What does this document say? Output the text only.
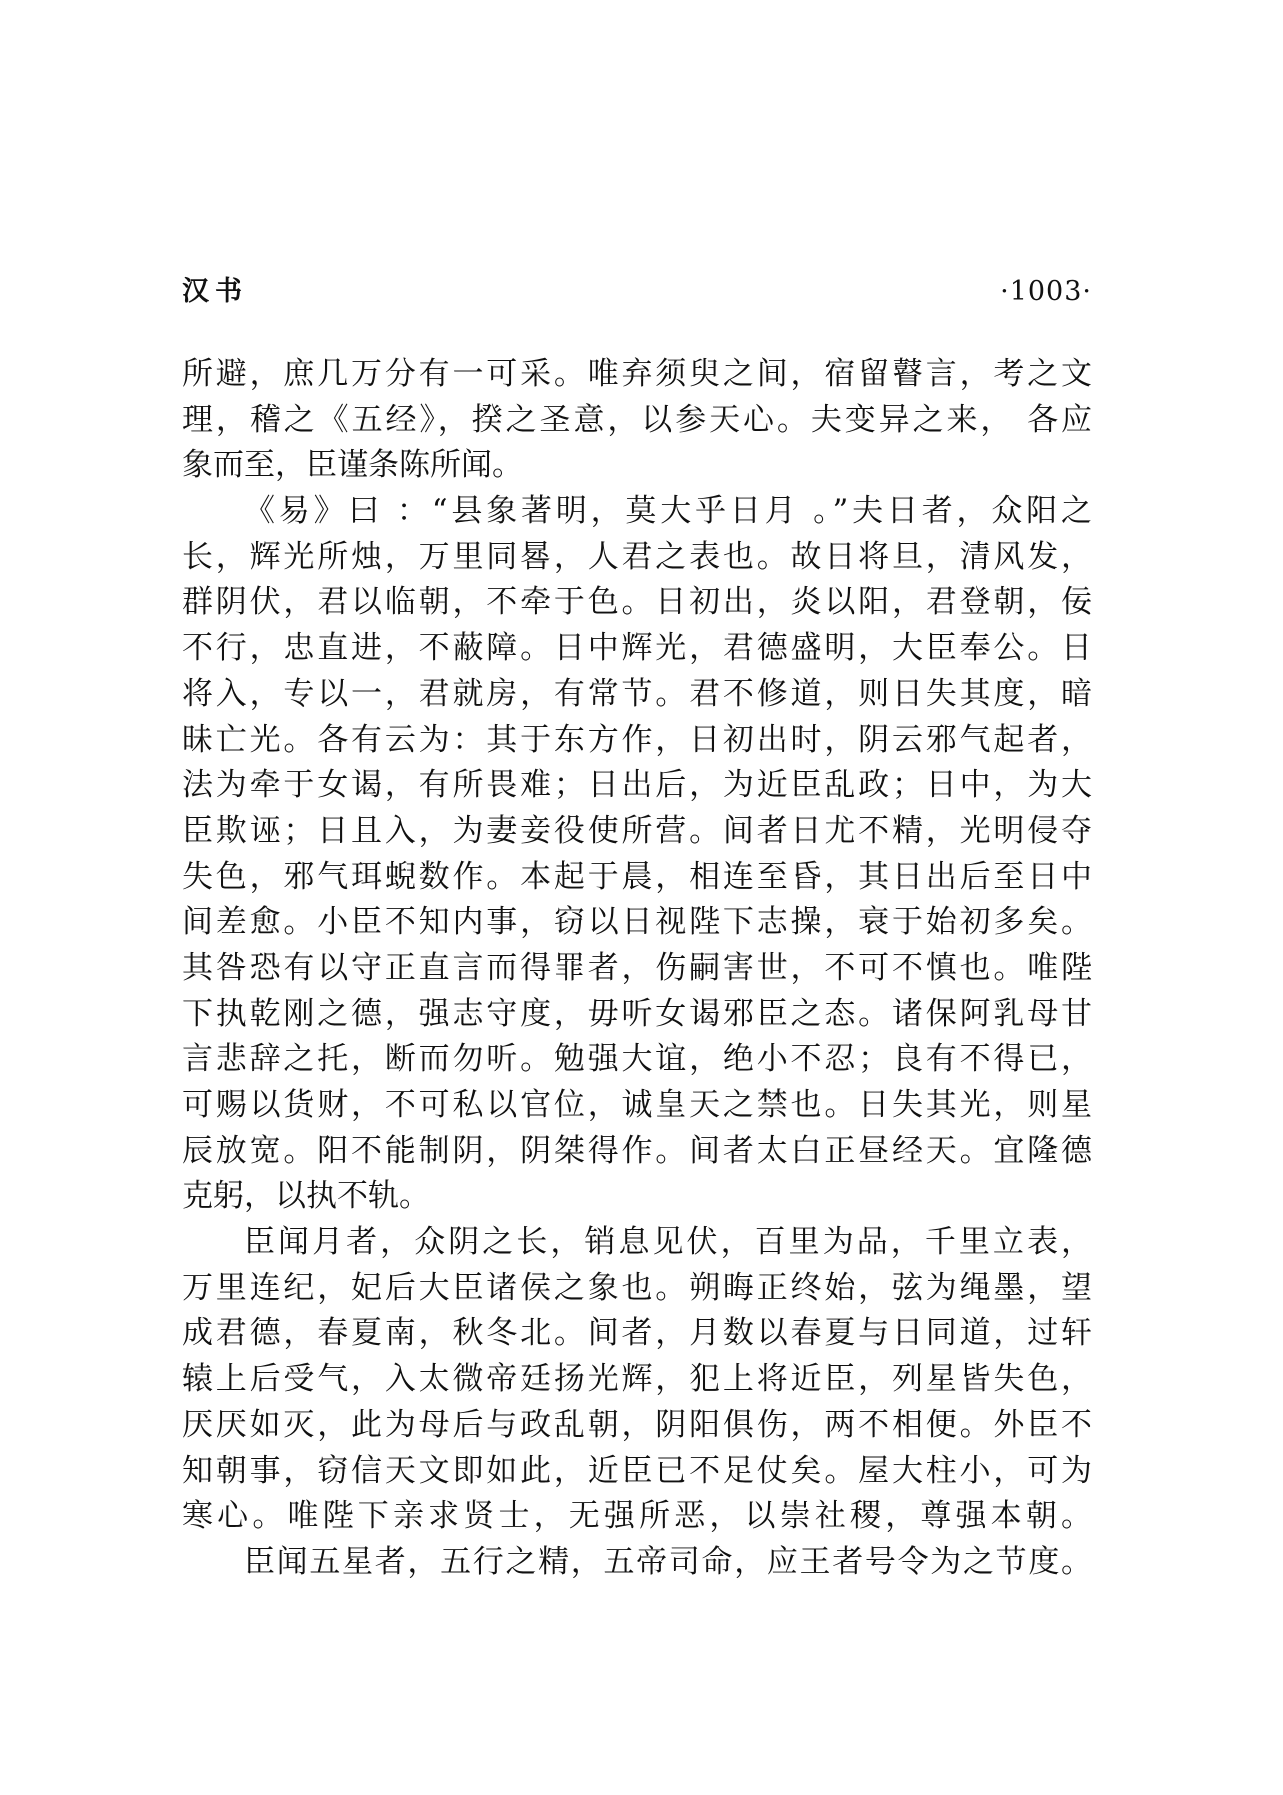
汉书	·1003·
所避，庶几万分有一可采。唯弃须臾之间，宿留瞽言，考之文
理，稽之《五经》，揆之圣意，以参天心。夫变异之来， 各应
象而至，臣谨条陈所闻。
《易》曰 ：“县象著明，莫大乎日月 。”夫日者，众阳之
长，辉光所烛，万里同晷，人君之表也。故日将旦，清风发，
群阴伏，君以临朝，不牵于色。日初出，炎以阳，君登朝，佞
不行，忠直进，不蔽障。日中辉光，君德盛明，大臣奉公。日
将入，专以一，君就房，有常节。君不修道，则日失其度，暗
昧亡光。各有云为：其于东方作，日初出时，阴云邪气起者，
法为牵于女谒，有所畏难；日出后，为近臣乱政；日中，为大
臣欺诬；日且入，为妻妾役使所营。间者日尤不精，光明侵夺
失色，邪气珥蜺数作。本起于晨，相连至昏，其日出后至日中
间差愈。小臣不知内事，窃以日视陛下志操，衰于始初多矣。
其咎恐有以守正直言而得罪者，伤嗣害世，不可不慎也。唯陛
下执乾刚之德，强志守度，毋听女谒邪臣之态。诸保阿乳母甘
言悲辞之托，断而勿听。勉强大谊，绝小不忍；良有不得已，
可赐以货财，不可私以官位，诚皇天之禁也。日失其光，则星
辰放宽。阳不能制阴，阴桀得作。间者太白正昼经天。宜隆德
克躬，以执不轨。
臣闻月者，众阴之长，销息见伏，百里为品，千里立表，
万里连纪，妃后大臣诸侯之象也。朔晦正终始，弦为绳墨，望
成君德，春夏南，秋冬北。间者，月数以春夏与日同道，过轩
辕上后受气，入太微帝廷扬光辉，犯上将近臣，列星皆失色，
厌厌如灭，此为母后与政乱朝，阴阳俱伤，两不相便。外臣不
知朝事，窃信天文即如此，近臣已不足仗矣。屋大柱小，可为
寒心。唯陛下亲求贤士，无强所恶，以崇社稷，尊强本朝。
臣闻五星者，五行之精，五帝司命，应王者号令为之节度。
